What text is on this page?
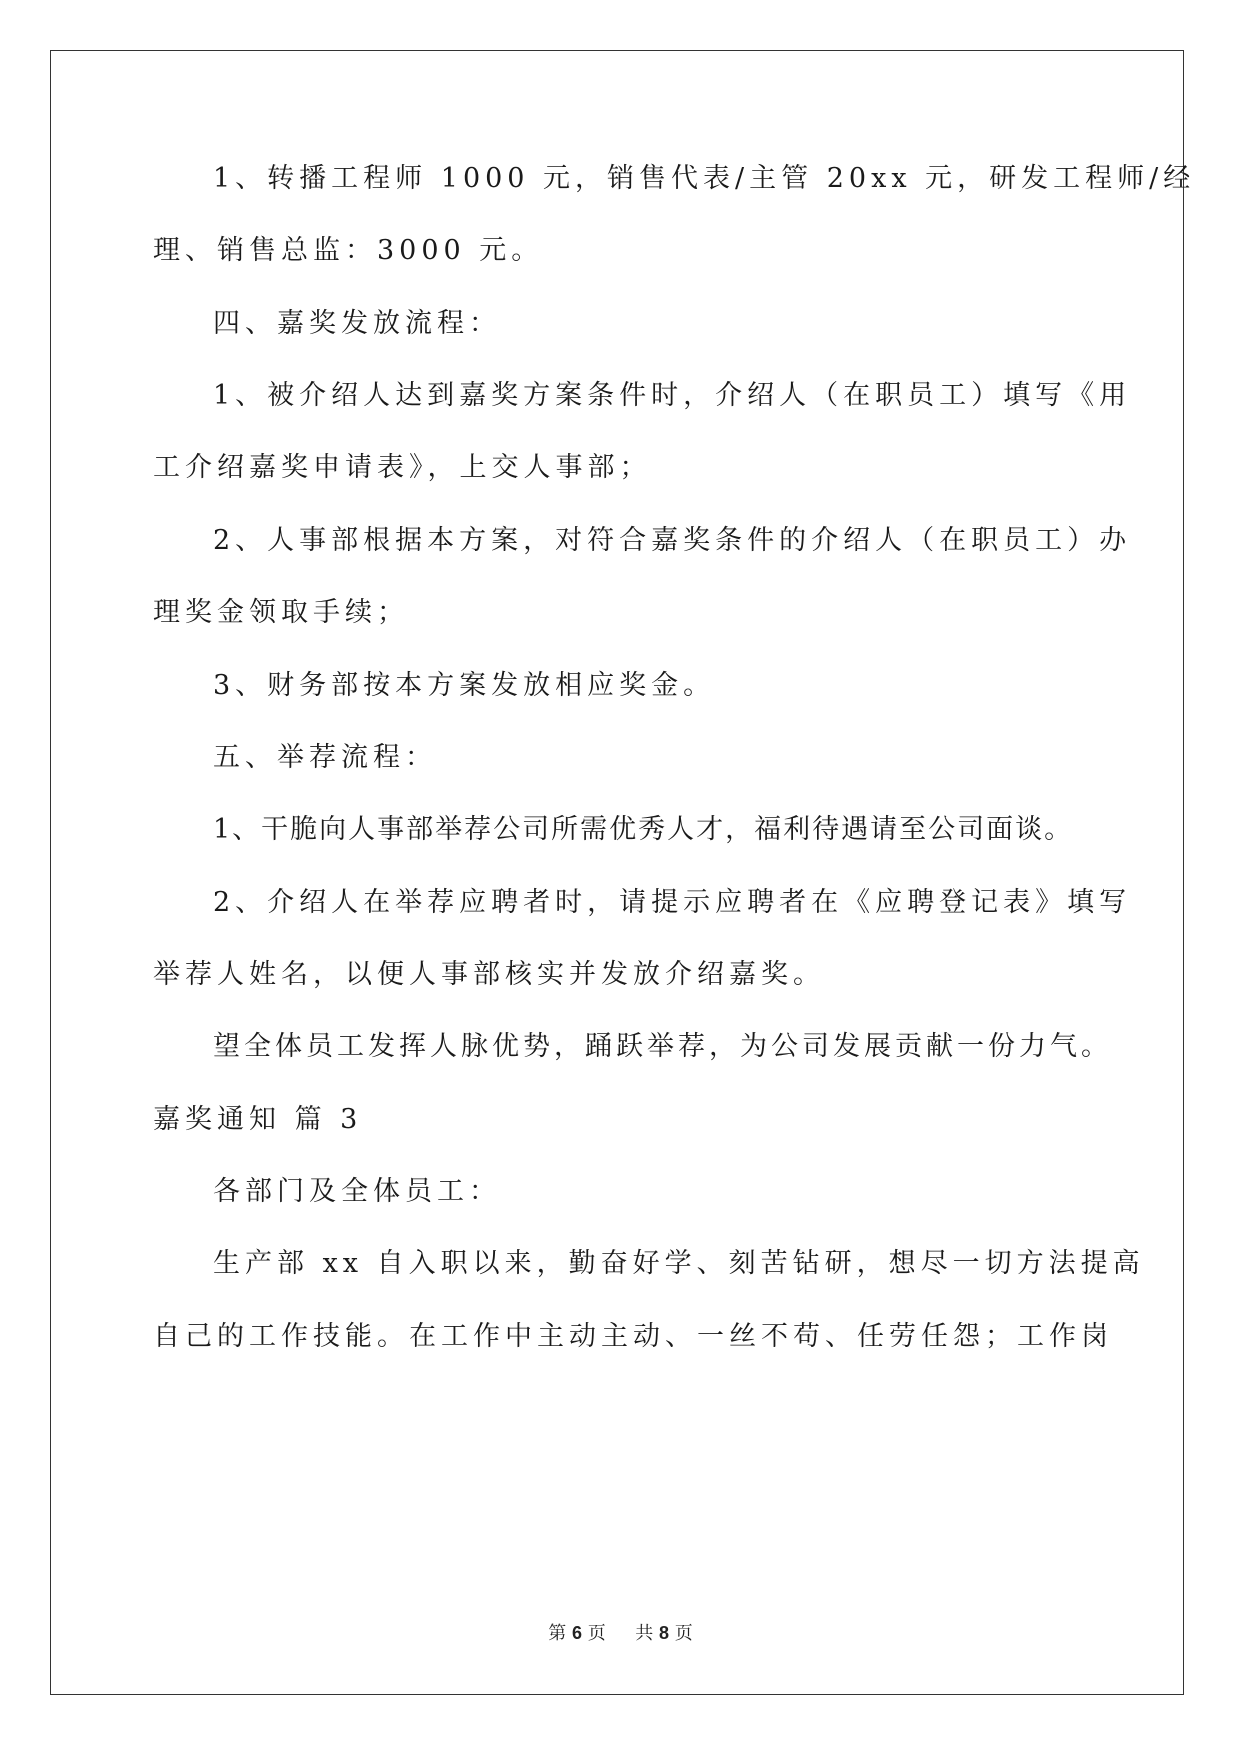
1、转播工程师 1000 元，销售代表/主管 20xx 元，研发工程师/经
理、销售总监：3000 元。
四、嘉奖发放流程：
1、被介绍人达到嘉奖方案条件时，介绍人（在职员工）填写《用
工介绍嘉奖申请表》，上交人事部；
2、人事部根据本方案，对符合嘉奖条件的介绍人（在职员工）办
理奖金领取手续；
3、财务部按本方案发放相应奖金。
五、举荐流程：
1、干脆向人事部举荐公司所需优秀人才，福利待遇请至公司面谈。
2、介绍人在举荐应聘者时，请提示应聘者在《应聘登记表》填写
举荐人姓名，以便人事部核实并发放介绍嘉奖。
望全体员工发挥人脉优势，踊跃举荐，为公司发展贡献一份力气。
嘉奖通知 篇 3
各部门及全体员工：
生产部 xx 自入职以来，勤奋好学、刻苦钻研，想尽一切方法提高
自己的工作技能。在工作中主动主动、一丝不苟、任劳任怨；工作岗
第 6 页 共 8 页
